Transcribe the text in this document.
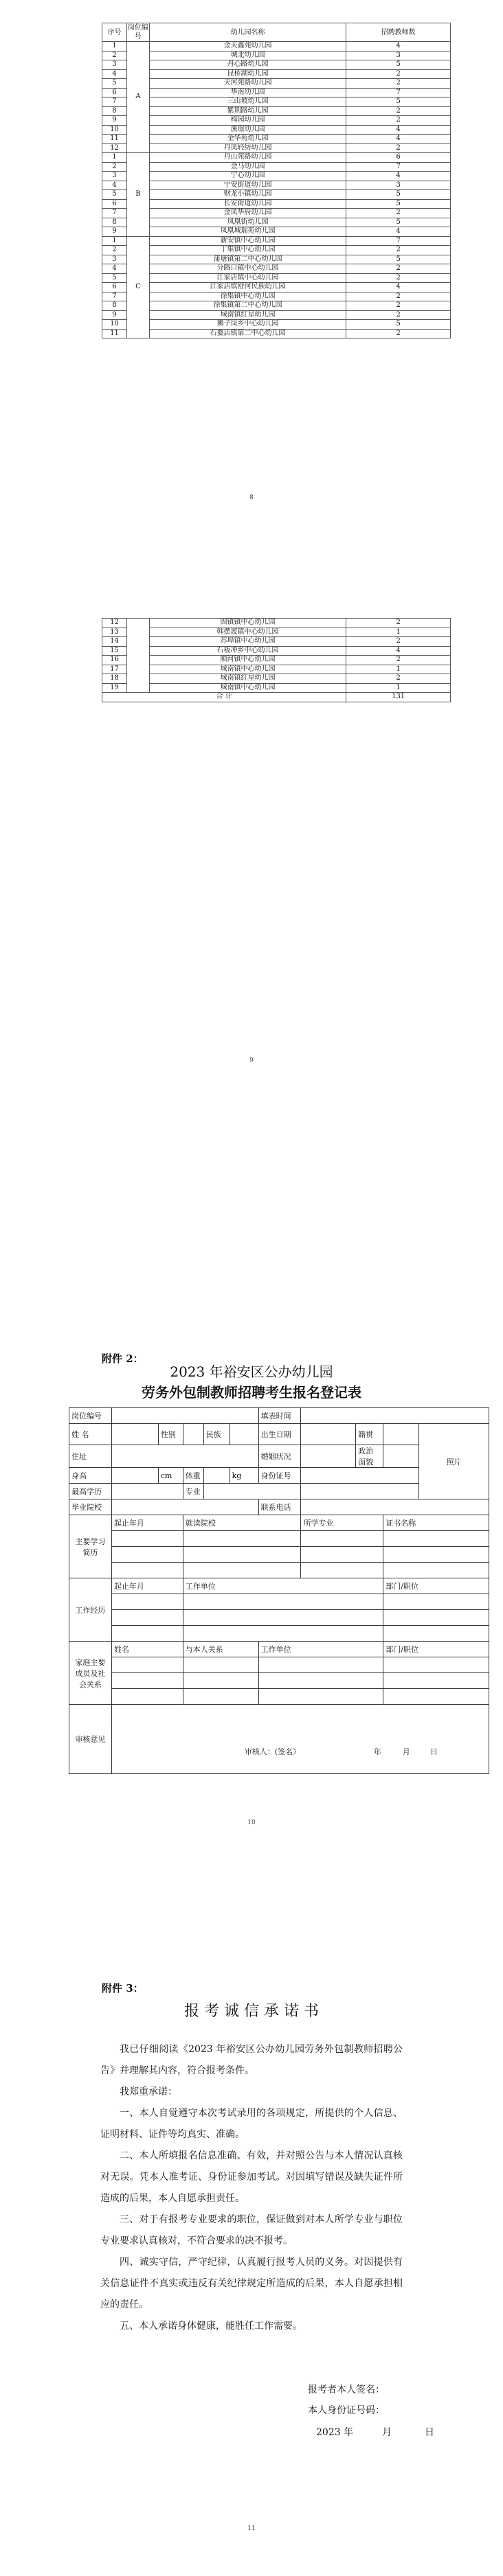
序号	岗位编号	幼儿园名称	招聘教师数
1	A	金天鑫苑幼儿园	4
2		城北幼儿园	3
3		丹心路幼儿园	5
4		昆桥湖幼儿园	2
5		天河苑路幼儿园	2
6		华南幼儿园	7
7		三山坡幼儿园	5
8		紫荆路幼儿园	2
9		梅园幼儿园	2
10		溪璟幼儿园	4
11		金华苑幼儿园	4
12		丹凤轻纺幼儿园	2
1	B	丹山苑路幼儿园	6
2		金马幼儿园	7
3		宁心幼儿园	4
4		宁安街道幼儿园	3
5		财龙小镇幼儿园	5
6		长安街道幼儿园	5
7		金凤华府幼儿园	2
8		凤凰街幼儿园	5
9		凤凰城瑞苑幼儿园	4
1	C	新安镇中心幼儿园	7
2		丁集镇中心幼儿园	2
3		蒲塘镇第二中心幼儿园	5
4		分路口镇中心幼儿园	2
5		江家店镇中心幼儿园	2
6		江家店镇舒河民族幼儿园	4
7		徐集镇中心幼儿园	2
8		徐集镇第二中心幼儿园	2
9		城南镇红星幼儿园	2
10		狮子岗乡中心幼儿园	5
11		石婆店镇第二中心幼儿园	2
8
12		固镇镇中心幼儿园	2
13		韩摆渡镇中心幼儿园	1
14		苏埠镇中心幼儿园	2
15		石板冲乡中心幼儿园	4
16		顺河镇中心幼儿园	2
17		城南镇中心幼儿园	1
18		城南镇红星幼儿园	2
19		城南镇中心幼儿园	1
合 计			131
9
附件 2：
2023 年裕安区公办幼儿园
劳务外包制教师招聘考生报名登记表
岗位编号						填表时间				
姓 名		性别		民族		出生日期		籍贯		照片
住址						婚姻状况		政治面貌		
身高		cm	体重		kg	身份证号				
最高学历			专业							
毕业院校						联系电话				
主要学习简历	起止年月		就读院校				所学专业		证书名称	

工作经历	起止年月		工作单位						部门/职位	

家庭主要成员及社会关系	姓名		与本人关系			工作单位			部门/职位	

审核意见	审核人：(签名） 年 月 日									
10
附件 3：
报 考 诚 信 承 诺 书
我已仔细阅读《2023 年裕安区公办幼儿园劳务外包制教师招聘公告》并理解其内容，符合报考条件。
我郑重承诺：
一、本人自觉遵守本次考试录用的各项规定，所提供的个人信息、证明材料、证件等均真实、准确。
二、本人所填报名信息准确、有效，并对照公告与本人情况认真核对无误。凭本人准考证、身份证参加考试。对因填写错误及缺失证件所造成的后果，本人自愿承担责任。
三、对于有报考专业要求的职位，保证做到对本人所学专业与职位专业要求认真核对，不符合要求的决不报考。
四、诚实守信，严守纪律，认真履行报考人员的义务。对因提供有关信息证件不真实或违反有关纪律规定所造成的后果，本人自愿承担相应的责任。
五、本人承诺身体健康，能胜任工作需要。
报考者本人签名：
本人身份证号码：
2023 年	月	日
11
